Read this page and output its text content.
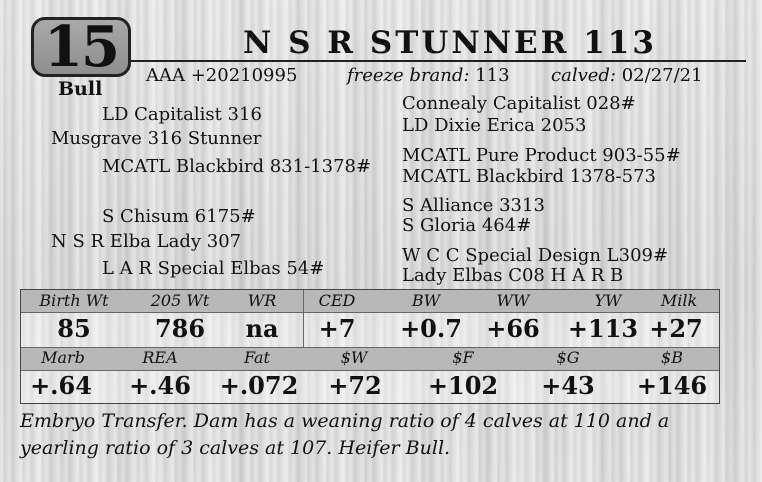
15
Bull
N S R STUNNER 113
AAA +20210995	freeze brand: 113 calved: 02/27/21
LD Capitalist 316
Connealy Capitalist 028#
LD Dixie Erica 2053
Musgrave 316 Stunner
MCATL Blackbird 831-1378#
MCATL Pure Product 903-55#
MCATL Blackbird 1378-573
S Chisum 6175#
S Alliance 3313
S Gloria 464#
N S R Elba Lady 307
L A R Special Elbas 54#
W C C Special Design L309#
Lady Elbas C08 H A R B
Birth Wt	205 Wt	WR	CED	BW	WW	YW	Milk
85	786	na	+7	+0.7	+66	+113 +27
Marb	REA	Fat	$W	$F	$G	$B
+.64	+.46	+.072	+72	+102	+43	+146
Embryo Transfer. Dam has a weaning ratio of 4 calves at 110 and a yearling ratio of 3 calves at 107. Heifer Bull.
